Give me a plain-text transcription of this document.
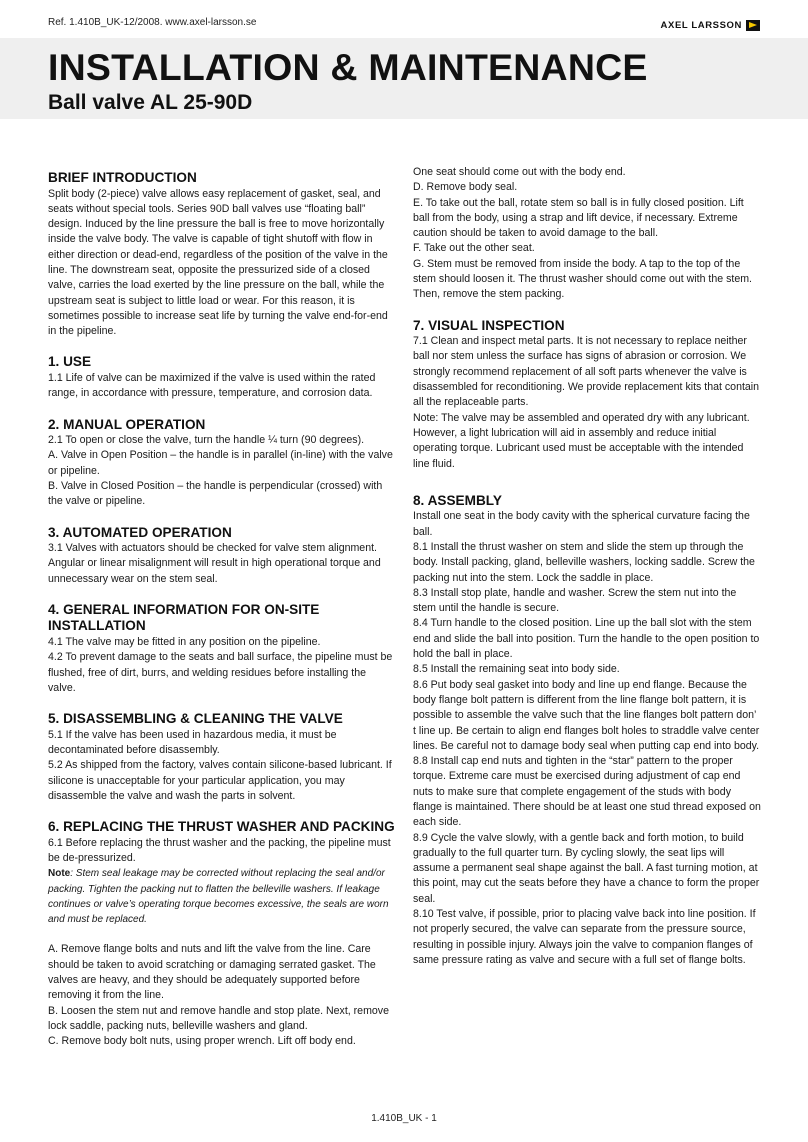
Ref. 1.410B_UK-12/2008. www.axel-larsson.se	AXEL LARSSON
INSTALLATION & MAINTENANCE
Ball valve AL 25-90D
BRIEF INTRODUCTION

Split body (2-piece) valve allows easy replacement of gasket, seal, and seats without special tools. Series 90D ball valves use “floating ball” design. Induced by the line pressure the ball is free to move horizontally inside the valve body. The valve is capable of tight shutoff with flow in either direction or dead-end, regardless of the position of the valve in the line. The downstream seat, opposite the pressurized side of a closed valve, carries the load exerted by the line pressure on the ball, while the upstream seat is subject to little load or wear. For this reason, it is sometimes possible to increase seat life by turning the valve end-for-end in the pipeline.

1. USE

1.1 Life of valve can be maximized if the valve is used within the rated range, in accordance with pressure, temperature, and corrosion data.

2. MANUAL OPERATION

2.1 To open or close the valve, turn the handle ¼ turn (90 degrees).

A. Valve in Open Position – the handle is in parallel (in-line) with the valve or pipeline.

B. Valve in Closed Position – the handle is perpendicular (crossed) with the valve or pipeline.

3. AUTOMATED OPERATION

3.1 Valves with actuators should be checked for valve stem alignment. Angular or linear misalignment will result in high operational torque and unnecessary wear on the stem seal.

4. GENERAL INFORMATION FOR ON-SITE INSTALLATION

4.1 The valve may be fitted in any position on the pipeline.

4.2 To prevent damage to the seats and ball surface, the pipeline must be flushed, free of dirt, burrs, and welding residues before installing the valve.

5. DISASSEMBLING & CLEANING THE VALVE

5.1 If the valve has been used in hazardous media, it must be decontaminated before disassembly.

5.2 As shipped from the factory, valves contain silicone-based lubricant. If silicone is unacceptable for your particular application, you may disassemble the valve and wash the parts in solvent.

6. REPLACING THE THRUST WASHER AND PACKING

6.1 Before replacing the thrust washer and the packing, the pipeline must be de-pressurized.

Note: Stem seal leakage may be corrected without replacing the seal and/or packing. Tighten the packing nut to flatten the belleville washers. If leakage continues or valve’s operating torque becomes excessive, the seals are worn and must be replaced.

A. Remove flange bolts and nuts and lift the valve from the line. Care should be taken to avoid scratching or damaging serrated gasket. The valves are heavy, and they should be adequately supported before removing it from the line.

B. Loosen the stem nut and remove handle and stop plate. Next, remove lock saddle, packing nuts, belleville washers and gland.

C. Remove body bolt nuts, using proper wrench. Lift off body end.

One seat should come out with the body end.

D. Remove body seal.

E. To take out the ball, rotate stem so ball is in fully closed position. Lift ball from the body, using a strap and lift device, if necessary. Extreme caution should be taken to avoid damage to the ball.

F. Take out the other seat.

G. Stem must be removed from inside the body. A tap to the top of the stem should loosen it. The thrust washer should come out with the stem. Then, remove the stem packing.

7. VISUAL INSPECTION

7.1 Clean and inspect metal parts. It is not necessary to replace neither ball nor stem unless the surface has signs of abrasion or corrosion. We strongly recommend replacement of all soft parts whenever the valve is disassembled for reconditioning. We provide replacement kits that contain all the replaceable parts.

Note: The valve may be assembled and operated dry with any lubricant. However, a light lubrication will aid in assembly and reduce initial operating torque. Lubricant used must be acceptable with the intended line fluid.

8. ASSEMBLY

Install one seat in the body cavity with the spherical curvature facing the ball.

8.1 Install the thrust washer on stem and slide the stem up through the body. Install packing, gland, belleville washers, locking saddle. Screw the packing nut into the stem. Lock the saddle in place.

8.3 Install stop plate, handle and washer. Screw the stem nut into the stem until the handle is secure.

8.4 Turn handle to the closed position. Line up the ball slot with the stem end and slide the ball into position. Turn the handle to the open position to hold the ball in place.

8.5 Install the remaining seat into body side.

8.6 Put body seal gasket into body and line up end flange. Because the body flange bolt pattern is different from the line flange bolt pattern, it is possible to assemble the valve such that the line flanges bolt pattern don’ t line up. Be certain to align end flanges bolt holes to straddle valve center lines. Be careful not to damage body seal when putting cap end into body.

8.8 Install cap end nuts and tighten in the “star” pattern to the proper torque. Extreme care must be exercised during adjustment of cap end nuts to make sure that complete engagement of the studs with body flange is maintained. There should be at least one stud thread exposed on each side.

8.9 Cycle the valve slowly, with a gentle back and forth motion, to build gradually to the full quarter turn. By cycling slowly, the seat lips will assume a permanent seal shape against the ball. A fast turning motion, at this point, may cut the seats before they have a chance to form the proper seal.

8.10 Test valve, if possible, prior to placing valve back into line position. If not properly secured, the valve can separate from the pressure source, resulting in possible injury. Always join the valve to companion flanges of same pressure rating as valve and secure with a full set of flange bolts.

1.410B_UK - 1
